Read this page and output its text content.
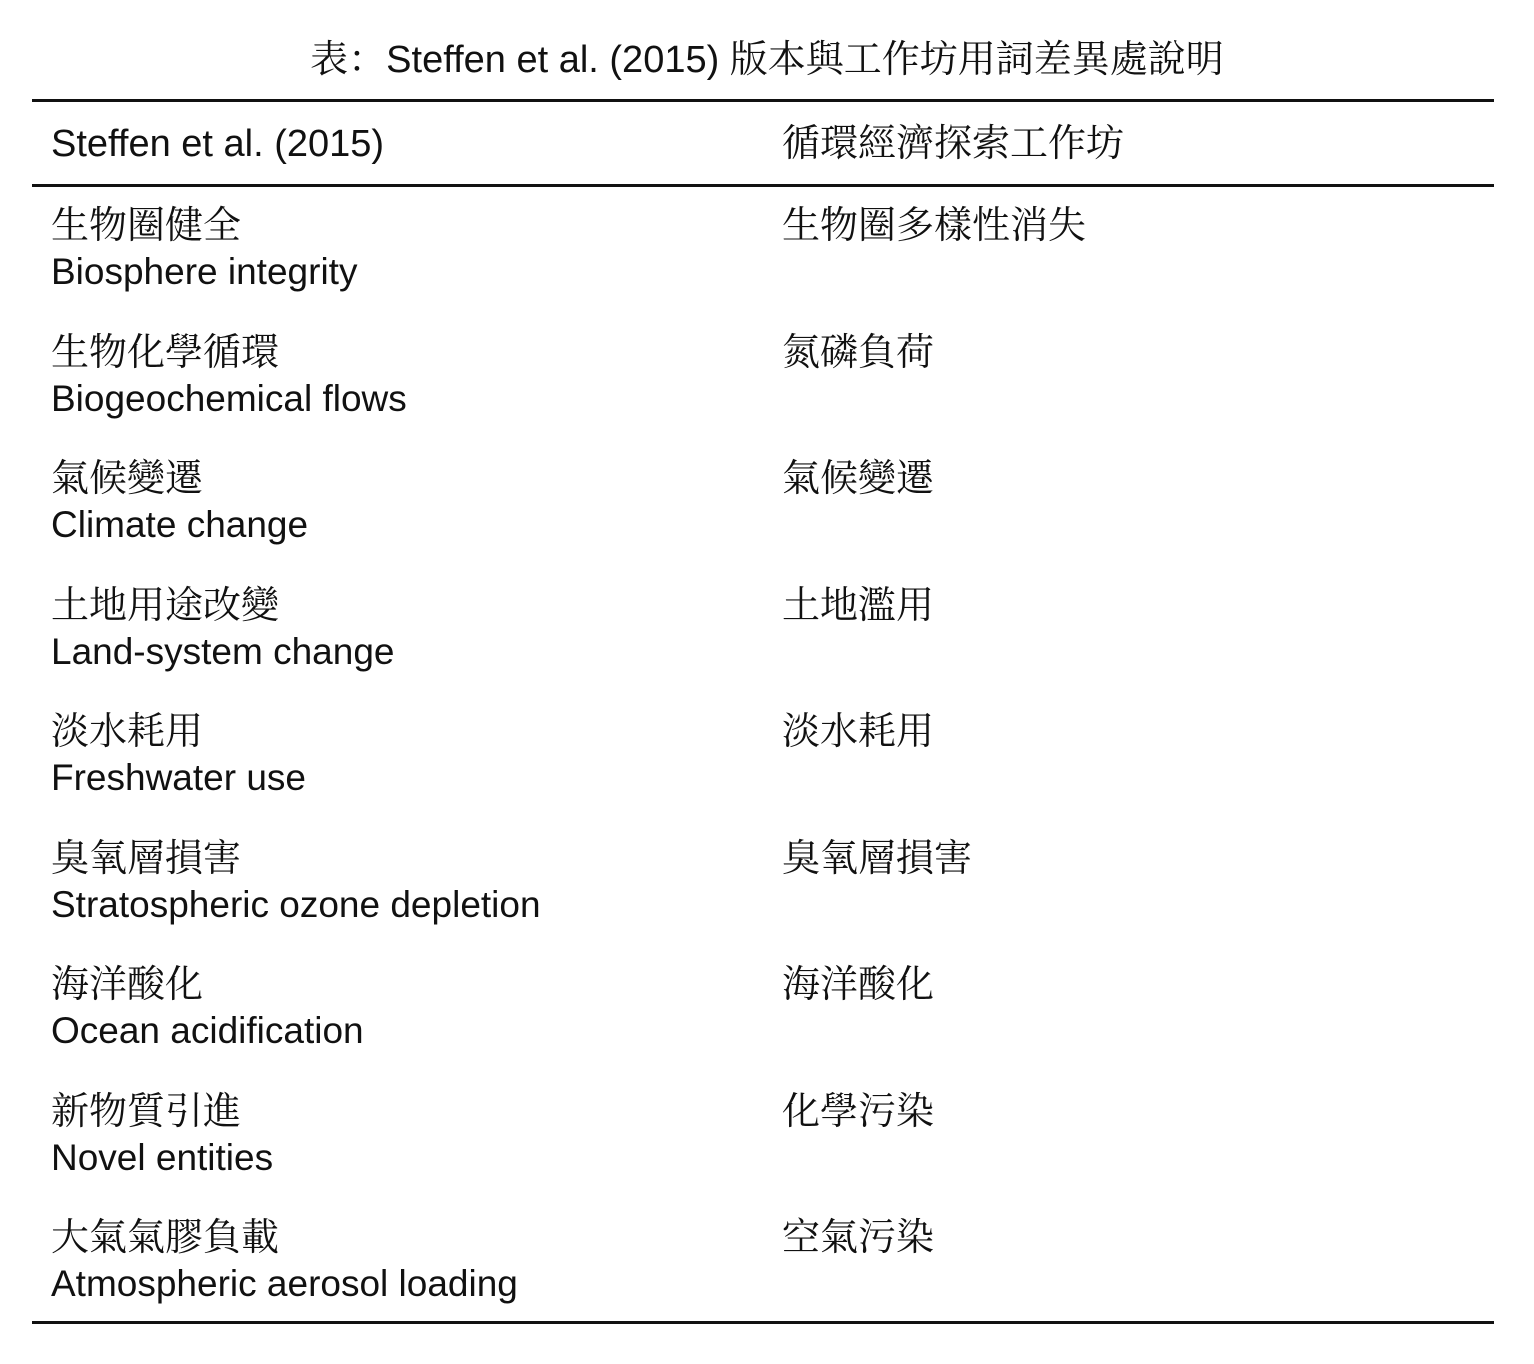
表：Steffen et al. (2015) 版本與工作坊用詞差異處說明
Steffen et al. (2015)	循環經濟探索工作坊
生物圈健全
Biosphere integrity
生物圈多樣性消失
生物化學循環
Biogeochemical flows
氮磷負荷
氣候變遷
Climate change
氣候變遷
土地用途改變
Land-system change
土地濫用
淡水耗用
Freshwater use
淡水耗用
臭氧層損害
Stratospheric ozone depletion
臭氧層損害
海洋酸化
Ocean acidification
海洋酸化
新物質引進
Novel entities
化學污染
大氣氣膠負載
Atmospheric aerosol loading
空氣污染
